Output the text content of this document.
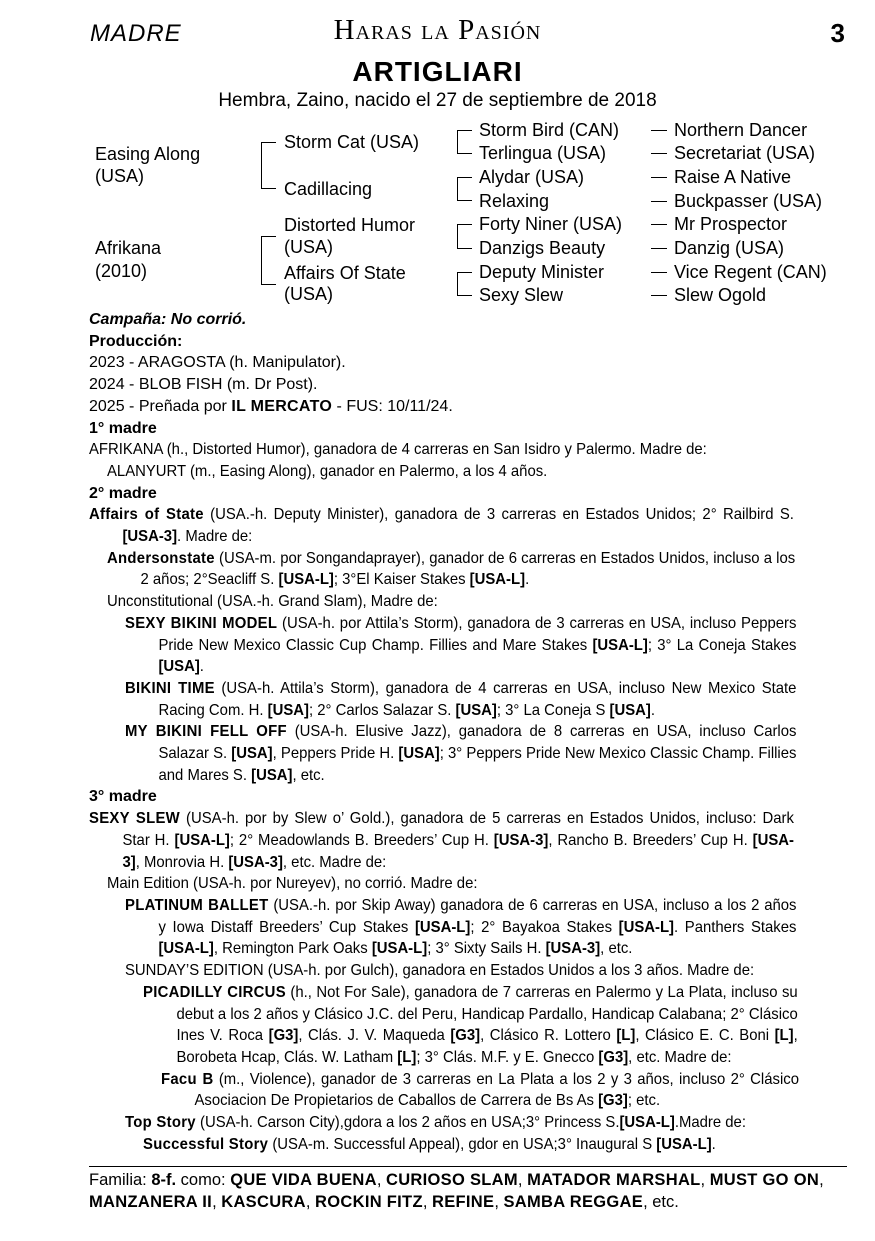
MADRE	Haras la Pasión	3
ARTIGLIARI
Hembra, Zaino, nacido el 27 de septiembre de 2018
Easing Along
(USA)
Afrikana
(2010)
Storm Cat (USA)
Cadillacing
Distorted Humor
(USA)
Affairs Of State
(USA)
Storm Bird (CAN)
Terlingua (USA)
Alydar (USA)
Relaxing
Forty Niner (USA)
Danzigs Beauty
Deputy Minister
Sexy Slew
Northern Dancer
Secretariat (USA)
Raise A Native
Buckpasser (USA)
Mr Prospector
Danzig (USA)
Vice Regent (CAN)
Slew Ogold
Campaña: No corrió.
Producción:
2023 - ARAGOSTA (h. Manipulator).
2024 - BLOB FISH (m. Dr Post).
2025 - Preñada por IL MERCATO - FUS: 10/11/24.
1° madre
AFRIKANA (h., Distorted Humor), ganadora de 4 carreras en San Isidro y Palermo. Madre de:
ALANYURT (m., Easing Along), ganador en Palermo, a los 4 años.
2° madre
Affairs of State (USA.-h. Deputy Minister), ganadora de 3 carreras en Estados Unidos; 2° Railbird S. [USA-3]. Madre de:
Andersonstate (USA-m. por Songandaprayer), ganador de 6 carreras en Estados Unidos, incluso a los 2 años; 2°Seacliff S. [USA-L]; 3°El Kaiser Stakes [USA-L].
Unconstitutional (USA.-h. Grand Slam), Madre de:
SEXY BIKINI MODEL (USA-h. por Attila’s Storm), ganadora de 3 carreras en USA, incluso Peppers Pride New Mexico Classic Cup Champ. Fillies and Mare Stakes [USA-L]; 3° La Coneja Stakes [USA].
BIKINI TIME (USA-h. Attila’s Storm), ganadora de 4 carreras en USA, incluso New Mexico State Racing Com. H. [USA]; 2° Carlos Salazar S. [USA]; 3° La Coneja S [USA].
MY BIKINI FELL OFF (USA-h. Elusive Jazz), ganadora de 8 carreras en USA, incluso Carlos Salazar S. [USA], Peppers Pride H. [USA]; 3° Peppers Pride New Mexico Classic Champ. Fillies and Mares S. [USA], etc.
3° madre
SEXY SLEW (USA-h. por by Slew o’ Gold.), ganadora de 5 carreras en Estados Unidos, incluso: Dark Star H. [USA-L]; 2° Meadowlands B. Breeders’ Cup H. [USA-3], Rancho B. Breeders’ Cup H. [USA-3], Monrovia H. [USA-3], etc. Madre de:
Main Edition (USA-h. por Nureyev), no corrió. Madre de:
PLATINUM BALLET (USA.-h. por Skip Away) ganadora de 6 carreras en USA, incluso a los 2 años y Iowa Distaff Breeders’ Cup Stakes [USA-L]; 2° Bayakoa Stakes [USA-L]. Panthers Stakes [USA-L], Remington Park Oaks [USA-L]; 3° Sixty Sails H. [USA-3], etc.
SUNDAY’S EDITION (USA-h. por Gulch), ganadora en Estados Unidos a los 3 años. Madre de:
PICADILLY CIRCUS (h., Not For Sale), ganadora de 7 carreras en Palermo y La Plata, incluso su debut a los 2 años y Clásico J.C. del Peru, Handicap Pardallo, Handicap Calabana; 2° Clásico Ines V. Roca [G3], Clás. J. V. Maqueda [G3], Clásico R. Lottero [L], Clásico E. C. Boni [L], Borobeta Hcap, Clás. W. Latham [L]; 3° Clás. M.F. y E. Gnecco [G3], etc. Madre de:
Facu B (m., Violence), ganador de 3 carreras en La Plata a los 2 y 3 años, incluso 2° Clásico Asociacion De Propietarios de Caballos de Carrera de Bs As [G3]; etc.
Top Story (USA-h. Carson City),gdora a los 2 años en USA;3° Princess S.[USA-L].Madre de:
Successful Story (USA-m. Successful Appeal), gdor en USA;3° Inaugural S [USA-L].
Familia: 8-f. como: QUE VIDA BUENA, CURIOSO SLAM, MATADOR MARSHAL, MUST GO ON, MANZANERA II, KASCURA, ROCKIN FITZ, REFINE, SAMBA REGGAE, etc.
